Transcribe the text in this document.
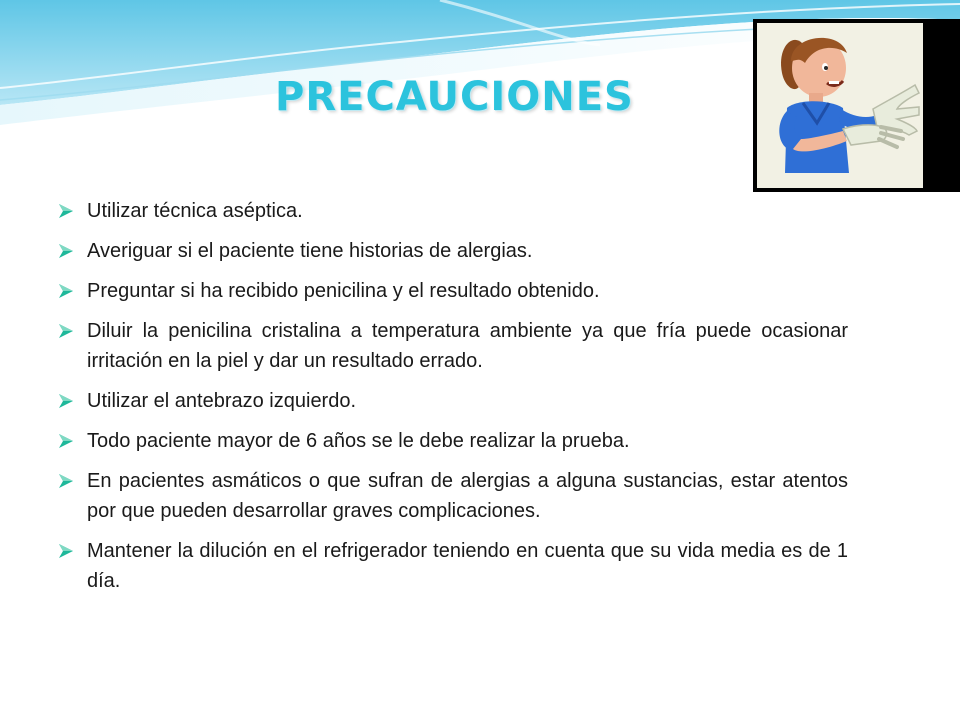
PRECAUCIONES
Utilizar técnica aséptica.
Averiguar si el paciente tiene historias de alergias.
Preguntar si ha recibido penicilina y el resultado obtenido.
Diluir la penicilina cristalina a temperatura ambiente ya que fría puede ocasionar irritación en la piel y dar un resultado errado.
Utilizar el antebrazo izquierdo.
Todo paciente mayor de 6 años se le debe realizar la prueba.
En pacientes asmáticos o que sufran de alergias a alguna sustancias, estar atentos por que pueden desarrollar graves complicaciones.
Mantener la dilución en el refrigerador teniendo en cuenta que su vida media es de 1 día.
